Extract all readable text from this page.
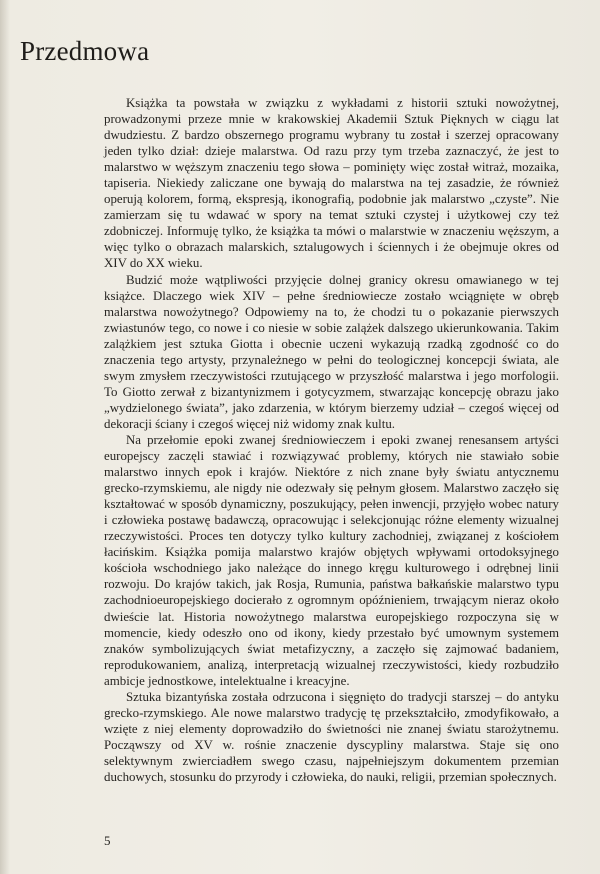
Przedmowa

Książka ta powstała w związku z wykładami z historii sztuki nowożytnej, prowadzonymi przeze mnie w krakowskiej Akademii Sztuk Pięknych w ciągu lat dwudziestu. Z bardzo obszernego programu wybrany tu został i szerzej opracowany jeden tylko dział: dzieje malarstwa. Od razu przy tym trzeba zaznaczyć, że jest to malarstwo w węższym znaczeniu tego słowa – pominięty więc został witraż, mozaika, tapiseria. Niekiedy zaliczane one bywają do malarstwa na tej zasadzie, że również operują kolorem, formą, ekspresją, ikonografią, podobnie jak malarstwo „czyste”. Nie zamierzam się tu wdawać w spory na temat sztuki czystej i użytkowej czy też zdobniczej. Informuję tylko, że książka ta mówi o malarstwie w znaczeniu węższym, a więc tylko o obrazach malarskich, sztalugowych i ściennych i że obejmuje okres od XIV do XX wieku.

Budzić może wątpliwości przyjęcie dolnej granicy okresu omawianego w tej książce. Dlaczego wiek XIV – pełne średniowiecze zostało wciągnięte w obręb malarstwa nowożytnego? Odpowiemy na to, że chodzi tu o pokazanie pierwszych zwiastunów tego, co nowe i co niesie w sobie zalążek dalszego ukierunkowania. Takim zalążkiem jest sztuka Giotta i obecnie uczeni wykazują rzadką zgodność co do znaczenia tego artysty, przynależnego w pełni do teologicznej koncepcji świata, ale swym zmysłem rzeczywistości rzutującego w przyszłość malarstwa i jego morfologii. To Giotto zerwał z bizantynizmem i gotycyzmem, stwarzając koncepcję obrazu jako „wydzielonego świata”, jako zdarzenia, w którym bierzemy udział – czegoś więcej od dekoracji ściany i czegoś więcej niż widomy znak kultu.

Na przełomie epoki zwanej średniowieczem i epoki zwanej renesansem artyści europejscy zaczęli stawiać i rozwiązywać problemy, których nie stawiało sobie malarstwo innych epok i krajów. Niektóre z nich znane były światu antycznemu grecko-rzymskiemu, ale nigdy nie odezwały się pełnym głosem. Malarstwo zaczęło się kształtować w sposób dynamiczny, poszukujący, pełen inwencji, przyjęło wobec natury i człowieka postawę badawczą, opracowując i selekcjonując różne elementy wizualnej rzeczywistości. Proces ten dotyczy tylko kultury zachodniej, związanej z kościołem łacińskim. Książka pomija malarstwo krajów objętych wpływami ortodoksyjnego kościoła wschodniego jako należące do innego kręgu kulturowego i odrębnej linii rozwoju. Do krajów takich, jak Rosja, Rumunia, państwa bałkańskie malarstwo typu zachodnioeuropejskiego docierało z ogromnym opóźnieniem, trwającym nieraz około dwieście lat. Historia nowożytnego malarstwa europejskiego rozpoczyna się w momencie, kiedy odeszło ono od ikony, kiedy przestało być umownym systemem znaków symbolizujących świat metafizyczny, a zaczęło się zajmować badaniem, reprodukowaniem, analizą, interpretacją wizualnej rzeczywistości, kiedy rozbudziło ambicje jednostkowe, intelektualne i kreacyjne.

Sztuka bizantyńska została odrzucona i sięgnięto do tradycji starszej – do antyku grecko-rzymskiego. Ale nowe malarstwo tradycję tę przekształciło, zmodyfikowało, a wzięte z niej elementy doprowadziło do świetności nie znanej światu starożytnemu. Począwszy od XV w. rośnie znaczenie dyscypliny malarstwa. Staje się ono selektywnym zwierciadłem swego czasu, najpełniejszym dokumentem przemian duchowych, stosunku do przyrody i człowieka, do nauki, religii, przemian społecznych.

5
